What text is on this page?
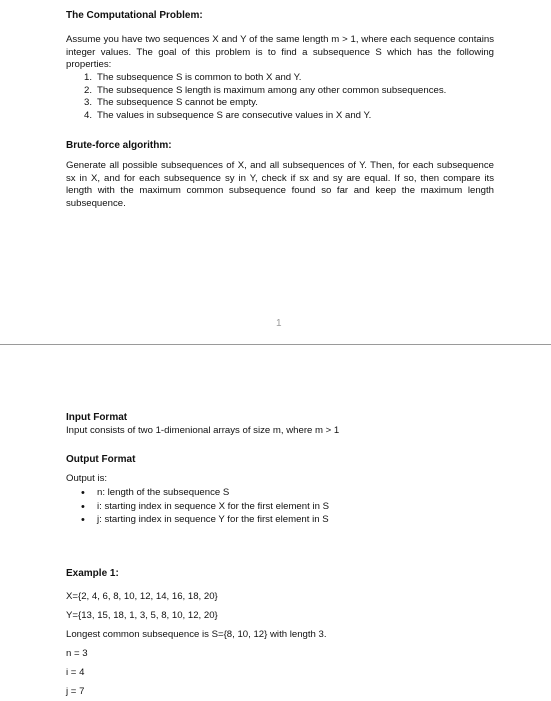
The Computational Problem:
Assume you have two sequences X and Y of the same length m > 1, where each sequence contains integer values. The goal of this problem is to find a subsequence S which has the following properties:
1. The subsequence S is common to both X and Y.
2. The subsequence S length is maximum among any other common subsequences.
3. The subsequence S cannot be empty.
4. The values in subsequence S are consecutive values in X and Y.
Brute-force algorithm:
Generate all possible subsequences of X, and all subsequences of Y. Then, for each subsequence sx in X, and for each subsequence sy in Y, check if sx and sy are equal. If so, then compare its length with the maximum common subsequence found so far and keep the maximum length subsequence.
1
Input Format
Input consists of two 1-dimenional arrays of size m, where m > 1
Output Format
Output is:
• n: length of the subsequence S
• i: starting index in sequence X for the first element in S
• j: starting index in sequence Y for the first element in S
Example 1:
X={2, 4, 6, 8, 10, 12, 14, 16, 18, 20}
Y={13, 15, 18, 1, 3, 5, 8, 10, 12, 20}
Longest common subsequence is S={8, 10, 12} with length 3.
n = 3
i = 4
j = 7
